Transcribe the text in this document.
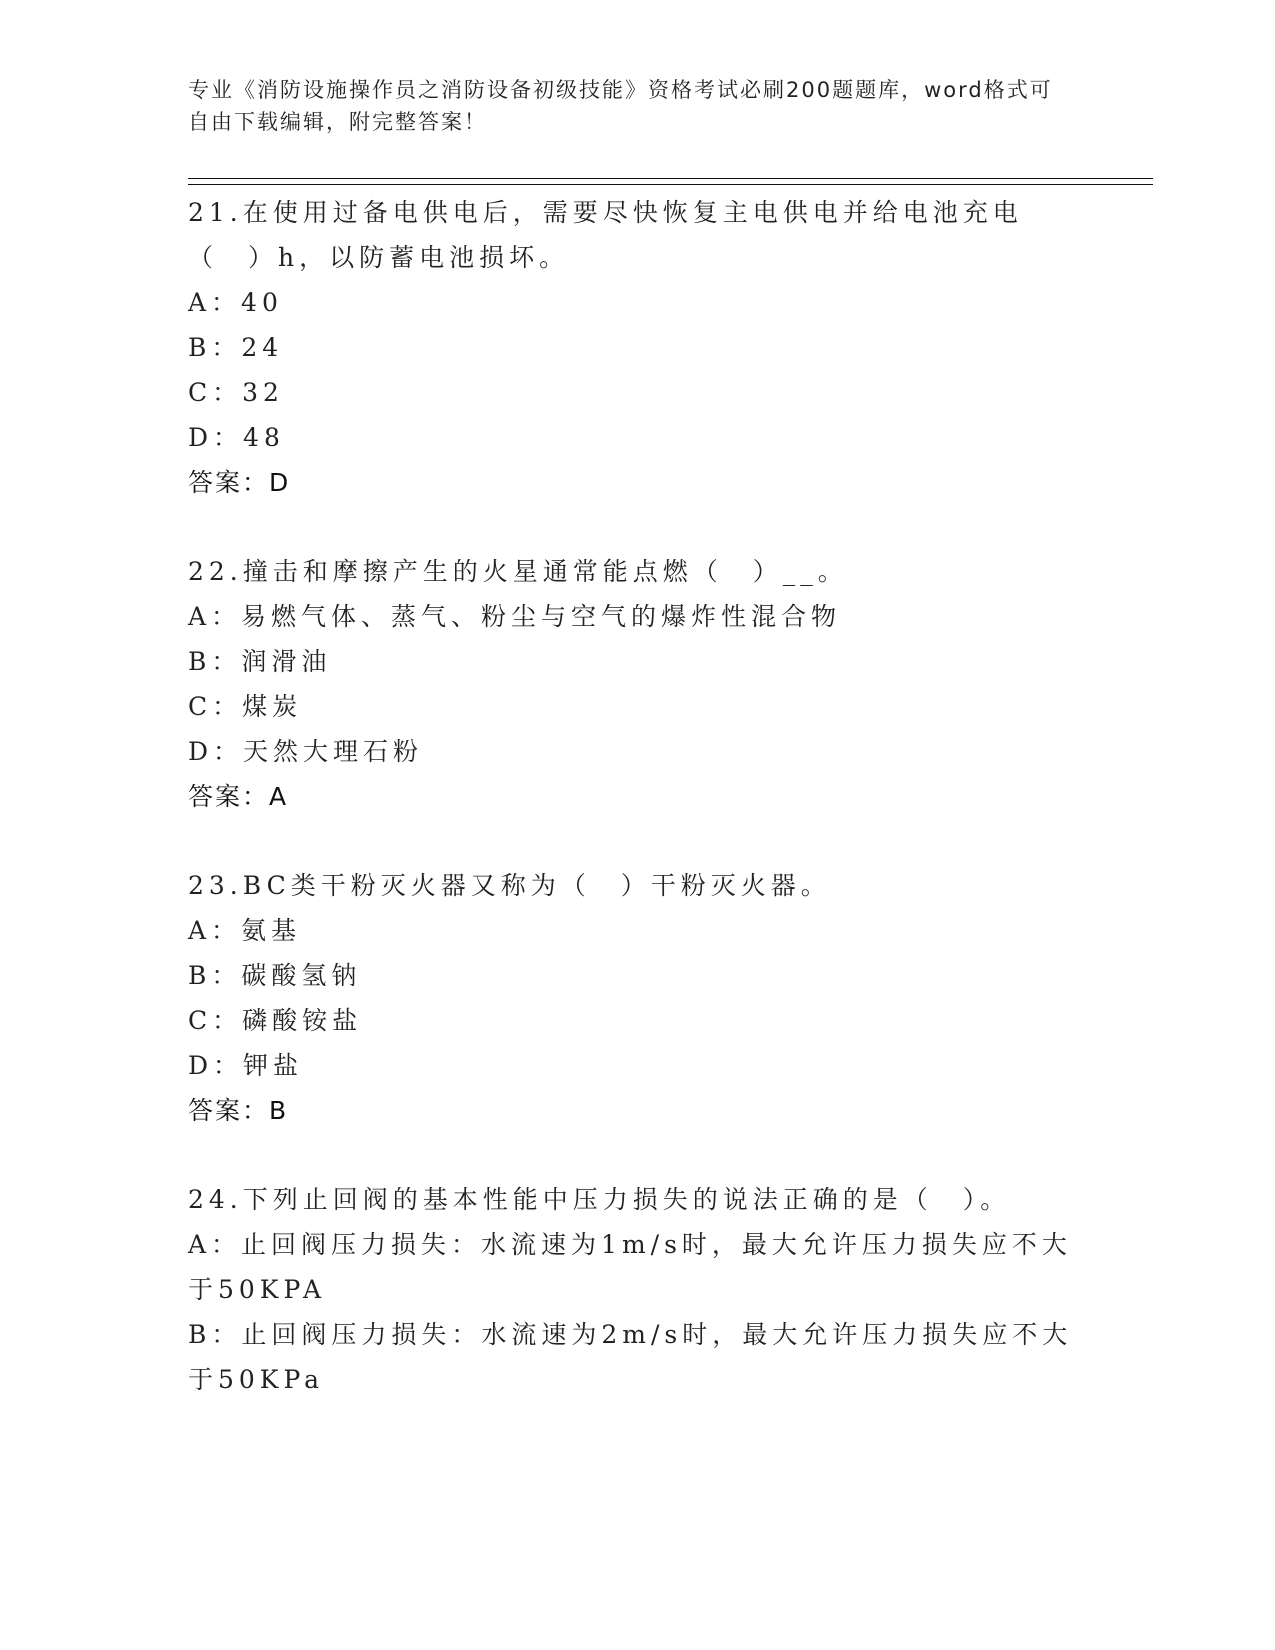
专业《消防设施操作员之消防设备初级技能》资格考试必刷200题题库，word格式可自由下载编辑，附完整答案！
21.在使用过备电供电后，需要尽快恢复主电供电并给电池充电（　）h，以防蓄电池损坏。
A：40
B：24
C：32
D：48
答案：D
22.撞击和摩擦产生的火星通常能点燃（　）__。
A：易燃气体、蒸气、粉尘与空气的爆炸性混合物
B：润滑油
C：煤炭
D：天然大理石粉
答案：A
23.BC类干粉灭火器又称为（　）干粉灭火器。
A：氨基
B：碳酸氢钠
C：磷酸铵盐
D：钾盐
答案：B
24.下列止回阀的基本性能中压力损失的说法正确的是（　）。
A：止回阀压力损失：水流速为1m/s时，最大允许压力损失应不大于50KPA
B：止回阀压力损失：水流速为2m/s时，最大允许压力损失应不大于50KPa
